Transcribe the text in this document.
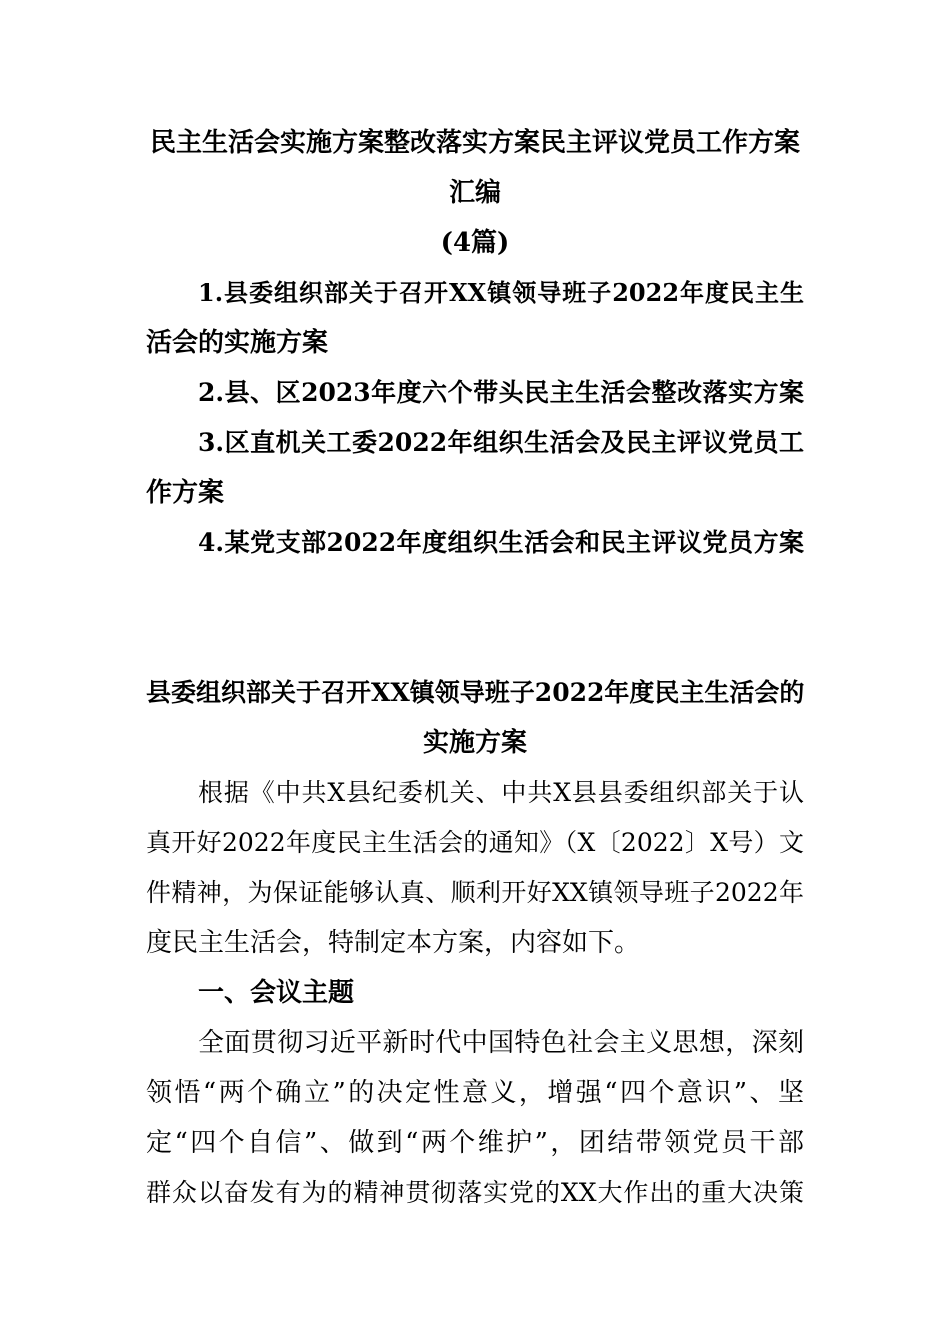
民主生活会实施方案整改落实方案民主评议党员工作方案
汇编
(4篇)
1.县委组织部关于召开XX镇领导班子2022年度民主生
活会的实施方案
2.县、区2023年度六个带头民主生活会整改落实方案
3.区直机关工委2022年组织生活会及民主评议党员工
作方案
4.某党支部2022年度组织生活会和民主评议党员方案
县委组织部关于召开XX镇领导班子2022年度民主生活会的
实施方案
根据《中共X县纪委机关、中共X县县委组织部关于认
真开好2022年度民主生活会的通知》（X〔2022〕X号）文
件精神，为保证能够认真、顺利开好XX镇领导班子2022年
度民主生活会，特制定本方案，内容如下。
一、会议主题
全面贯彻习近平新时代中国特色社会主义思想，深刻
领悟“两个确立”的决定性意义，增强“四个意识”、坚
定“四个自信”、做到“两个维护”，团结带领党员干部
群众以奋发有为的精神贯彻落实党的XX大作出的重大决策
